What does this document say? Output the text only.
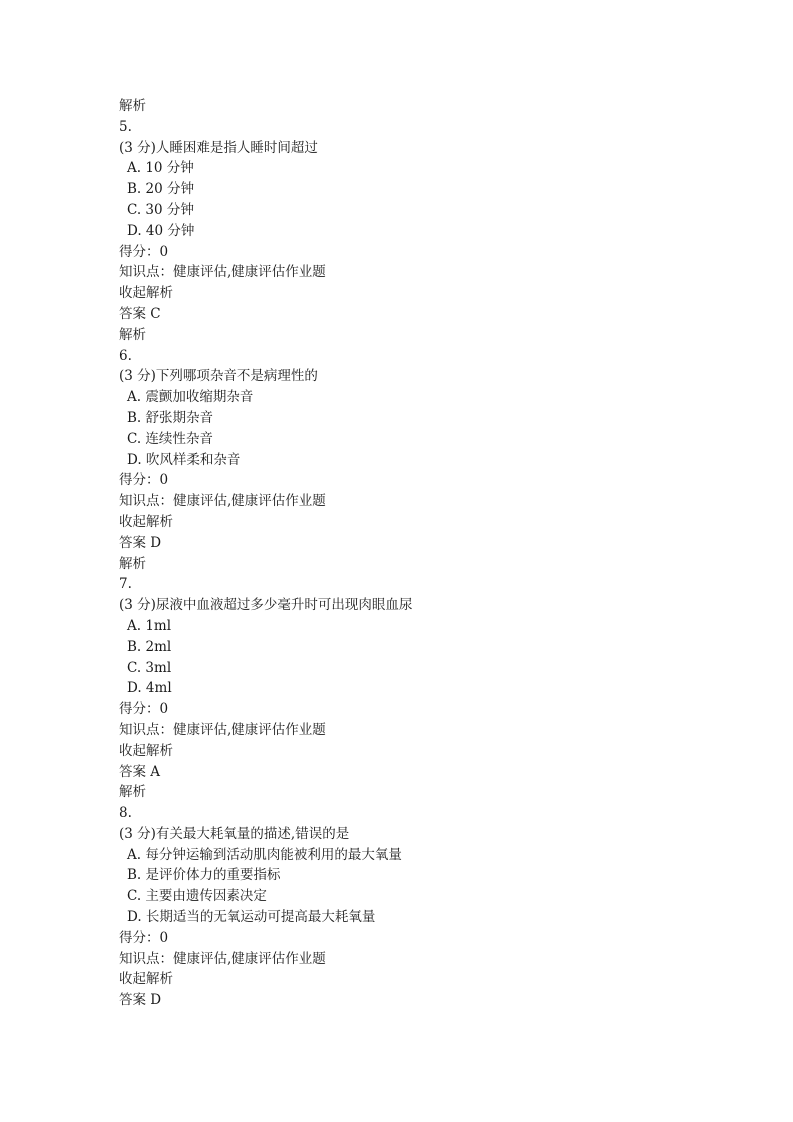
解析
5.
(3 分)人睡困难是指人睡时间超过
A. 10 分钟
B. 20 分钟
C. 30 分钟
D. 40 分钟
得分：0
知识点：健康评估,健康评估作业题
收起解析
答案 C
解析
6.
(3 分)下列哪项杂音不是病理性的
A. 震颤加收缩期杂音
B. 舒张期杂音
C. 连续性杂音
D. 吹风样柔和杂音
得分：0
知识点：健康评估,健康评估作业题
收起解析
答案 D
解析
7.
(3 分)尿液中血液超过多少毫升时可出现肉眼血尿
A. 1ml
B. 2ml
C. 3ml
D. 4ml
得分：0
知识点：健康评估,健康评估作业题
收起解析
答案 A
解析
8.
(3 分)有关最大耗氧量的描述,错误的是
A. 每分钟运输到活动肌肉能被利用的最大氧量
B. 是评价体力的重要指标
C. 主要由遗传因素决定
D. 长期适当的无氧运动可提高最大耗氧量
得分：0
知识点：健康评估,健康评估作业题
收起解析
答案 D
